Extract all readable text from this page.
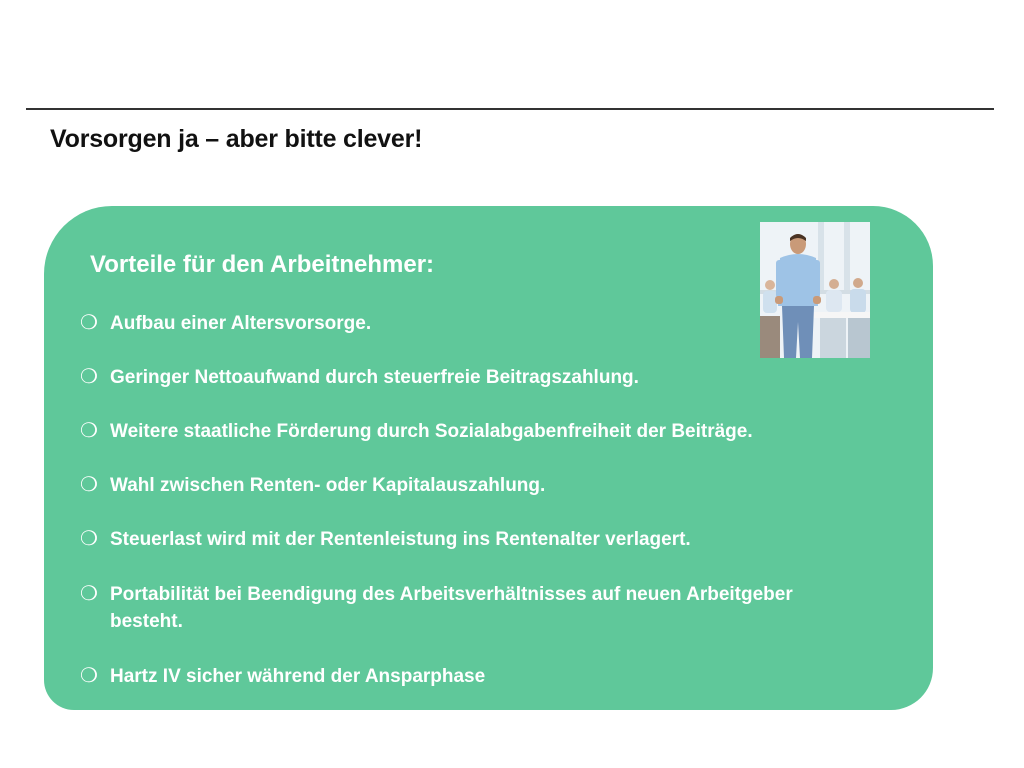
Vorsorgen ja – aber bitte clever!
Vorteile für den Arbeitnehmer:
❍ Aufbau einer Altersvorsorge.
❍ Geringer Nettoaufwand durch steuerfreie Beitragszahlung.
❍ Weitere staatliche Förderung durch Sozialabgabenfreiheit der Beiträge.
❍ Wahl zwischen Renten- oder Kapitalauszahlung.
❍ Steuerlast wird mit der Rentenleistung ins Rentenalter verlagert.
❍ Portabilität bei Beendigung des Arbeitsverhältnisses auf neuen Arbeitgeber besteht.
❍ Hartz IV sicher während der Ansparphase
